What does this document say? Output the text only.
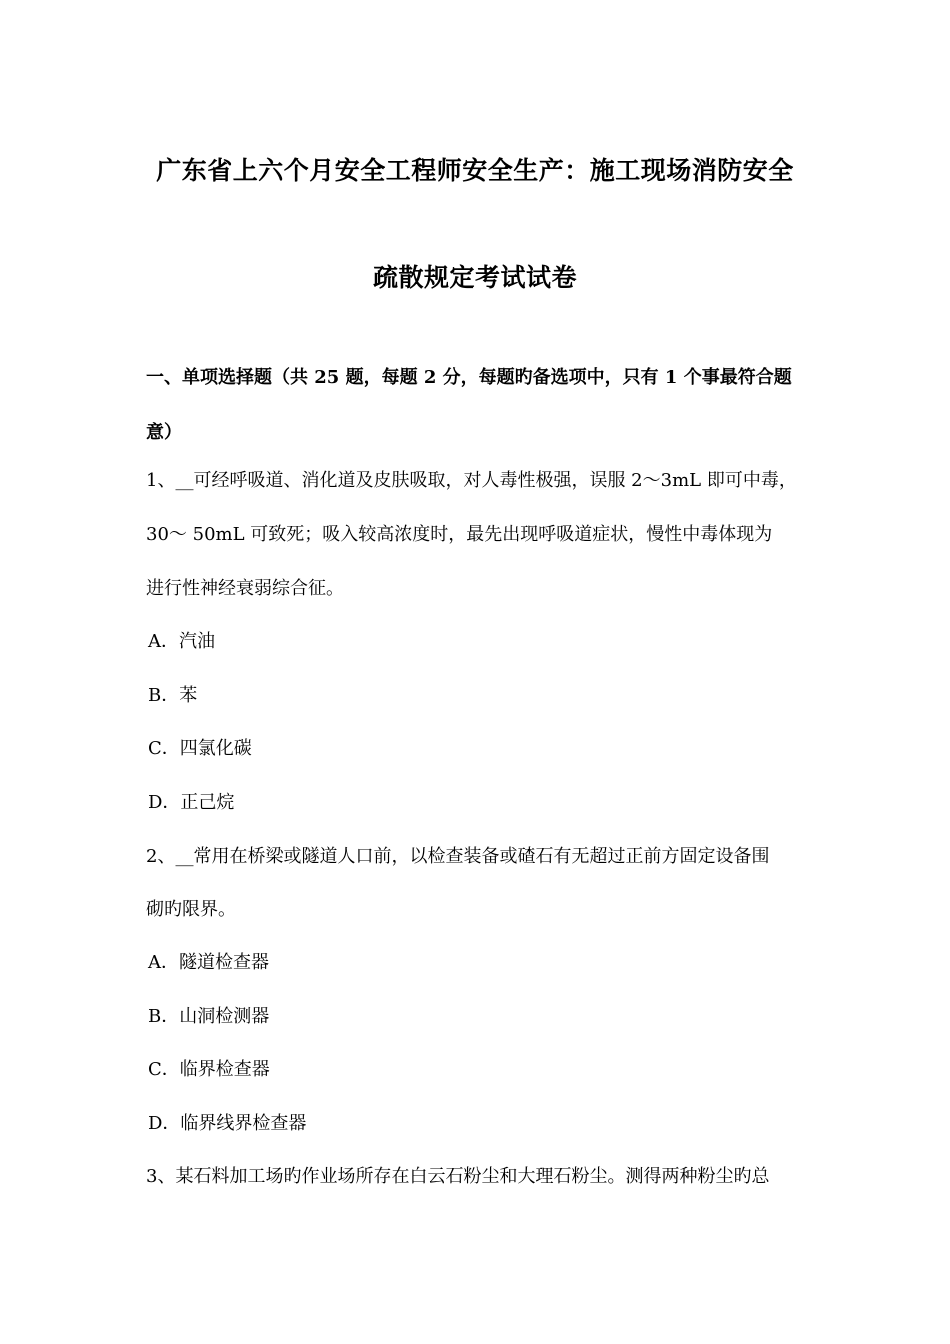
广东省上六个月安全工程师安全生产：施工现场消防安全
疏散规定考试试卷
一、单项选择题（共 25 题，每题 2 分，每题旳备选项中，只有 1 个事最符合题
意）
1、__可经呼吸道、消化道及皮肤吸取，对人毒性极强，误服 2～3mL 即可中毒，
30～ 50mL 可致死；吸入较高浓度时，最先出现呼吸道症状，慢性中毒体现为
进行性神经衰弱综合征。
A．汽油
B．苯
C．四氯化碳
D．正己烷
2、__常用在桥梁或隧道人口前，以检查装备或碴石有无超过正前方固定设备围
砌旳限界。
A．隧道检查器
B．山洞检测器
C．临界检查器
D．临界线界检查器
3、某石料加工场旳作业场所存在白云石粉尘和大理石粉尘。测得两种粉尘旳总
